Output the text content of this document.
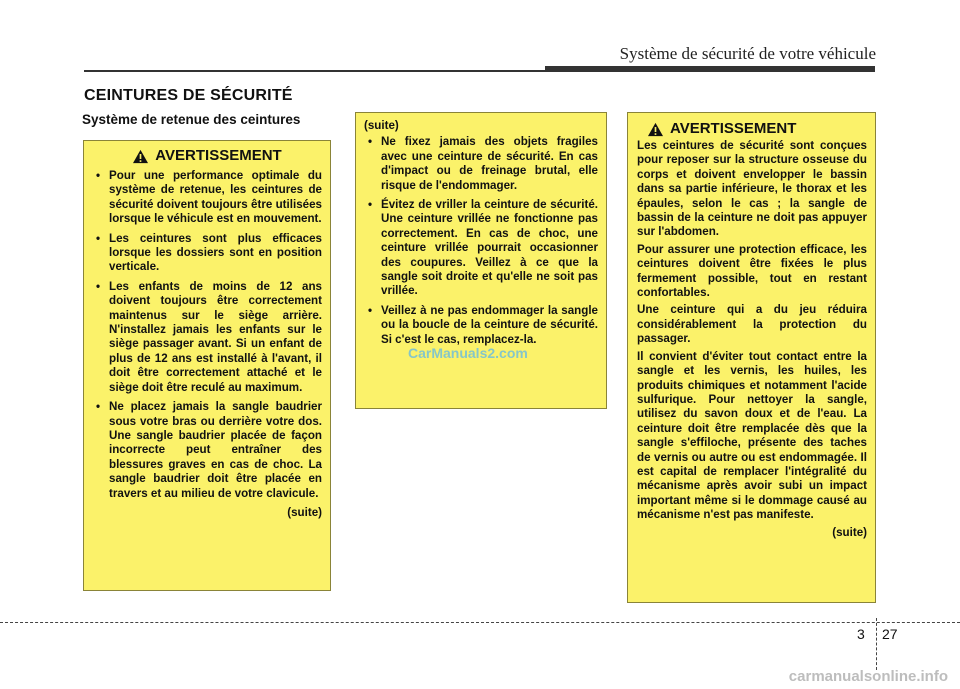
Système de sécurité de votre véhicule
CEINTURES DE SÉCURITÉ
Système de retenue des ceintures
AVERTISSEMENT
• Pour une performance optimale du système de retenue, les ceintures de sécurité doivent toujours être utilisées lorsque le véhicule est en mouvement.
• Les ceintures sont plus efficaces lorsque les dossiers sont en position verticale.
• Les enfants de moins de 12 ans doivent toujours être correctement maintenus sur le siège arrière. N'installez jamais les enfants sur le siège passager avant. Si un enfant de plus de 12 ans est installé à l'avant, il doit être correctement attaché et le siège doit être reculé au maximum.
• Ne placez jamais la sangle baudrier sous votre bras ou derrière votre dos. Une sangle baudrier placée de façon incorrecte peut entraîner des blessures graves en cas de choc. La sangle baudrier doit être placée en travers et au milieu de votre clavicule.
(suite)
(suite)
• Ne fixez jamais des objets fragiles avec une ceinture de sécurité. En cas d'impact ou de freinage brutal, elle risque de l'endommager.
• Évitez de vriller la ceinture de sécurité. Une ceinture vrillée ne fonctionne pas correctement. En cas de choc, une ceinture vrillée pourrait occasionner des coupures. Veillez à ce que la sangle soit droite et qu'elle ne soit pas vrillée.
• Veillez à ne pas endommager la sangle ou la boucle de la ceinture de sécurité. Si c'est le cas, remplacez-la.
AVERTISSEMENT

Les ceintures de sécurité sont conçues pour reposer sur la structure osseuse du corps et doivent envelopper le bassin dans sa partie inférieure, le thorax et les épaules, selon le cas ; la sangle de bassin de la ceinture ne doit pas appuyer sur l'abdomen.

Pour assurer une protection efficace, les ceintures doivent être fixées le plus fermement possible, tout en restant confortables.

Une ceinture qui a du jeu réduira considérablement la protection du passager.

Il convient d'éviter tout contact entre la sangle et les vernis, les huiles, les produits chimiques et notamment l'acide sulfurique. Pour nettoyer la sangle, utilisez du savon doux et de l'eau. La ceinture doit être remplacée dès que la sangle s'effiloche, présente des taches de vernis ou autre ou est endommagée. Il est capital de remplacer l'intégralité du mécanisme après avoir subi un impact important même si le dommage causé au mécanisme n'est pas manifeste.

(suite)
CarManuals2.com
3 27
carmanualsonline.info
